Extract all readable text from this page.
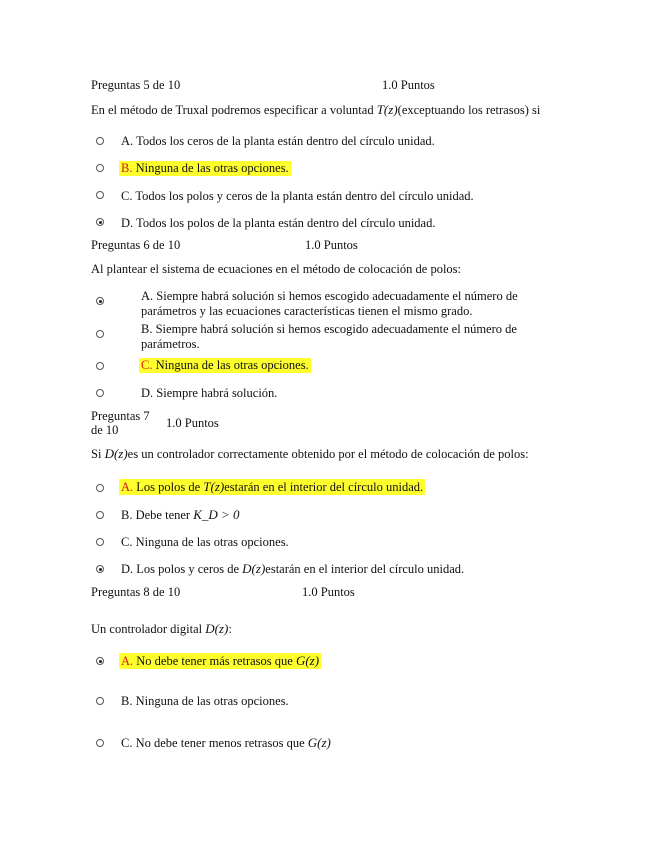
Preguntas 5 de 10	1.0 Puntos
En el método de Truxal podremos especificar a voluntad T(z)(exceptuando los retrasos) si
A. Todos los ceros de la planta están dentro del círculo unidad.
B. Ninguna de las otras opciones.
C. Todos los polos y ceros de la planta están dentro del círculo unidad.
D. Todos los polos de la planta están dentro del círculo unidad.
Preguntas 6 de 10	1.0 Puntos
Al plantear el sistema de ecuaciones en el método de colocación de polos:
A. Siempre habrá solución si hemos escogido adecuadamente el número de parámetros y las ecuaciones características tienen el mismo grado.
B. Siempre habrá solución si hemos escogido adecuadamente el número de parámetros.
C. Ninguna de las otras opciones.
D. Siempre habrá solución.
Preguntas 7
de 10	1.0 Puntos
Si D(z)es un controlador correctamente obtenido por el método de colocación de polos:
A. Los polos de T(z)estarán en el interior del círculo unidad.
B. Debe tener K_D > 0
C. Ninguna de las otras opciones.
D. Los polos y ceros de D(z)estarán en el interior del círculo unidad.
Preguntas 8 de 10	1.0 Puntos
Un controlador digital D(z):
A. No debe tener más retrasos que G(z)
B. Ninguna de las otras opciones.
C. No debe tener menos retrasos que G(z)
